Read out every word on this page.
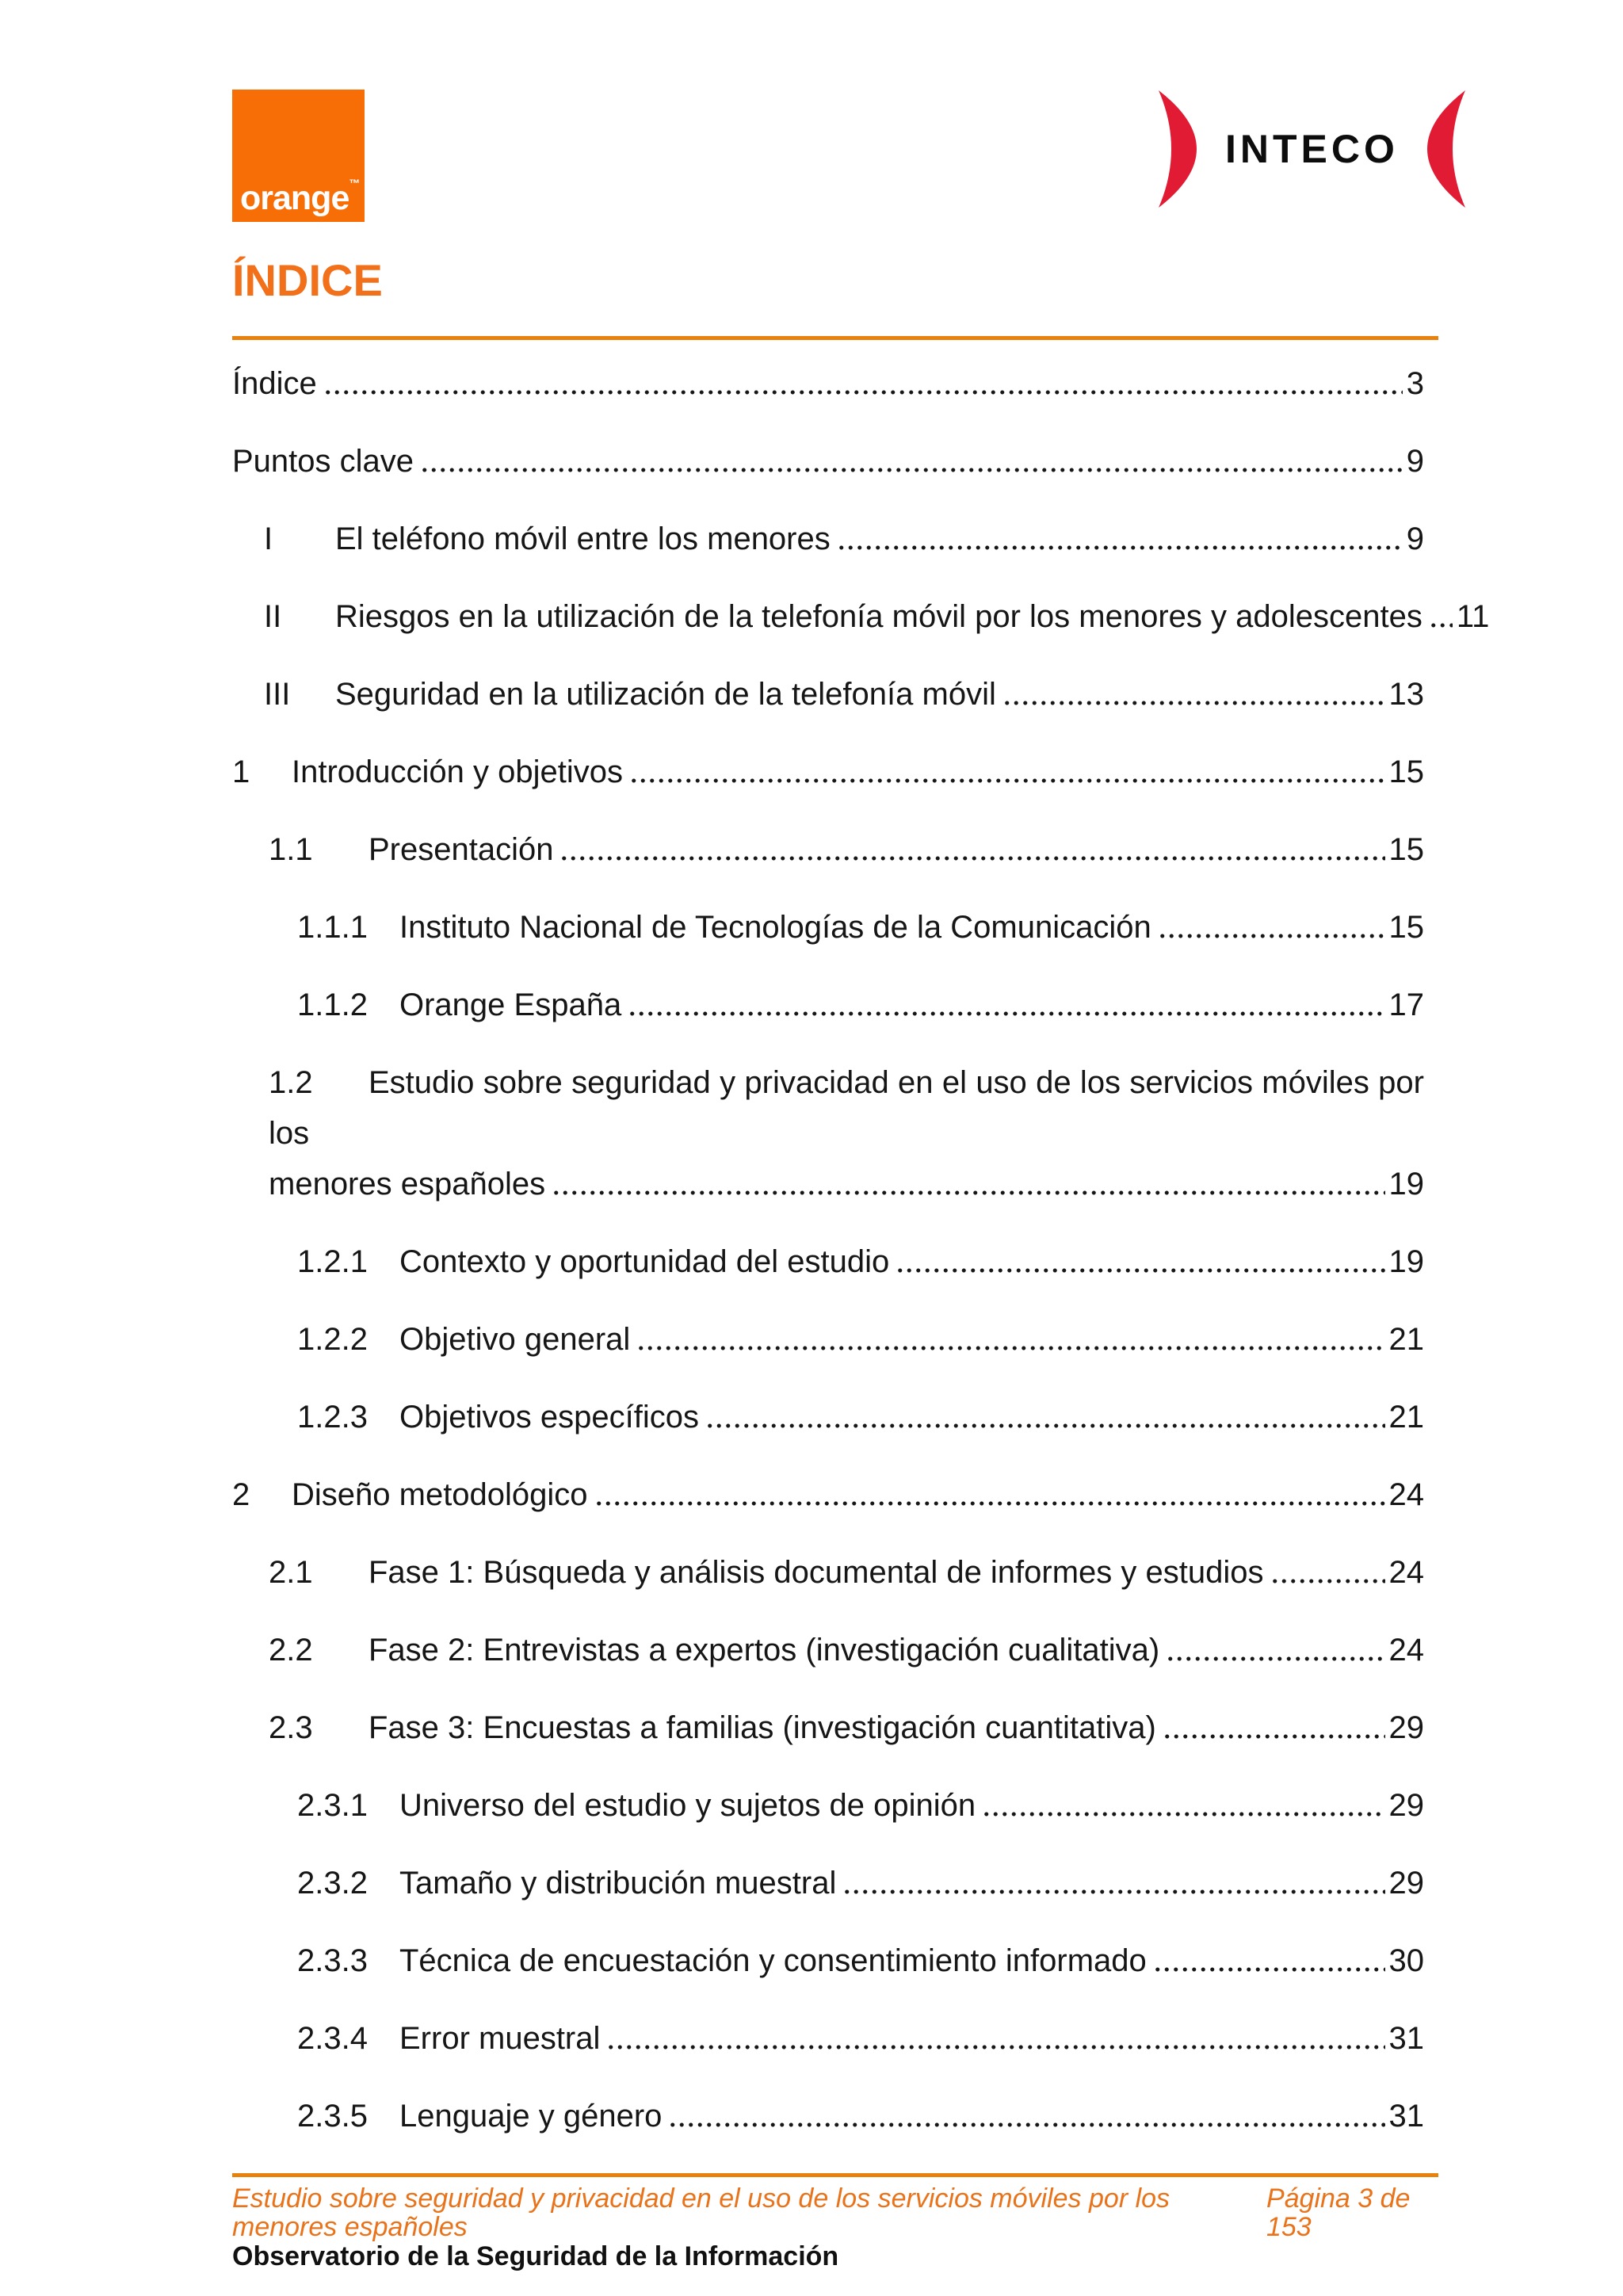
orange™
INTECO
ÍNDICE
Índice	3
Puntos clave	9
I	El teléfono móvil entre los menores	9
II	Riesgos en la utilización de la telefonía móvil por los menores y adolescentes 11
III	Seguridad en la utilización de la telefonía móvil	13
1	Introducción y objetivos	15
1.1	Presentación	15
1.1.1	Instituto Nacional de Tecnologías de la Comunicación	15
1.1.2	Orange España	17
1.2 Estudio sobre seguridad y privacidad en el uso de los servicios móviles por los
menores españoles	19
1.2.1	Contexto y oportunidad del estudio	19
1.2.2	Objetivo general	21
1.2.3	Objetivos específicos	21
2	Diseño metodológico	24
2.1	Fase 1: Búsqueda y análisis documental de informes y estudios	24
2.2	Fase 2: Entrevistas a expertos (investigación cualitativa)	24
2.3	Fase 3: Encuestas a familias (investigación cuantitativa)	29
2.3.1	Universo del estudio y sujetos de opinión	29
2.3.2	Tamaño y distribución muestral	29
2.3.3	Técnica de encuestación y consentimiento informado	30
2.3.4	Error muestral	31
2.3.5	Lenguaje y género	31
Estudio sobre seguridad y privacidad en el uso de los servicios móviles por los menores españoles
Página 3 de 153
Observatorio de la Seguridad de la Información
